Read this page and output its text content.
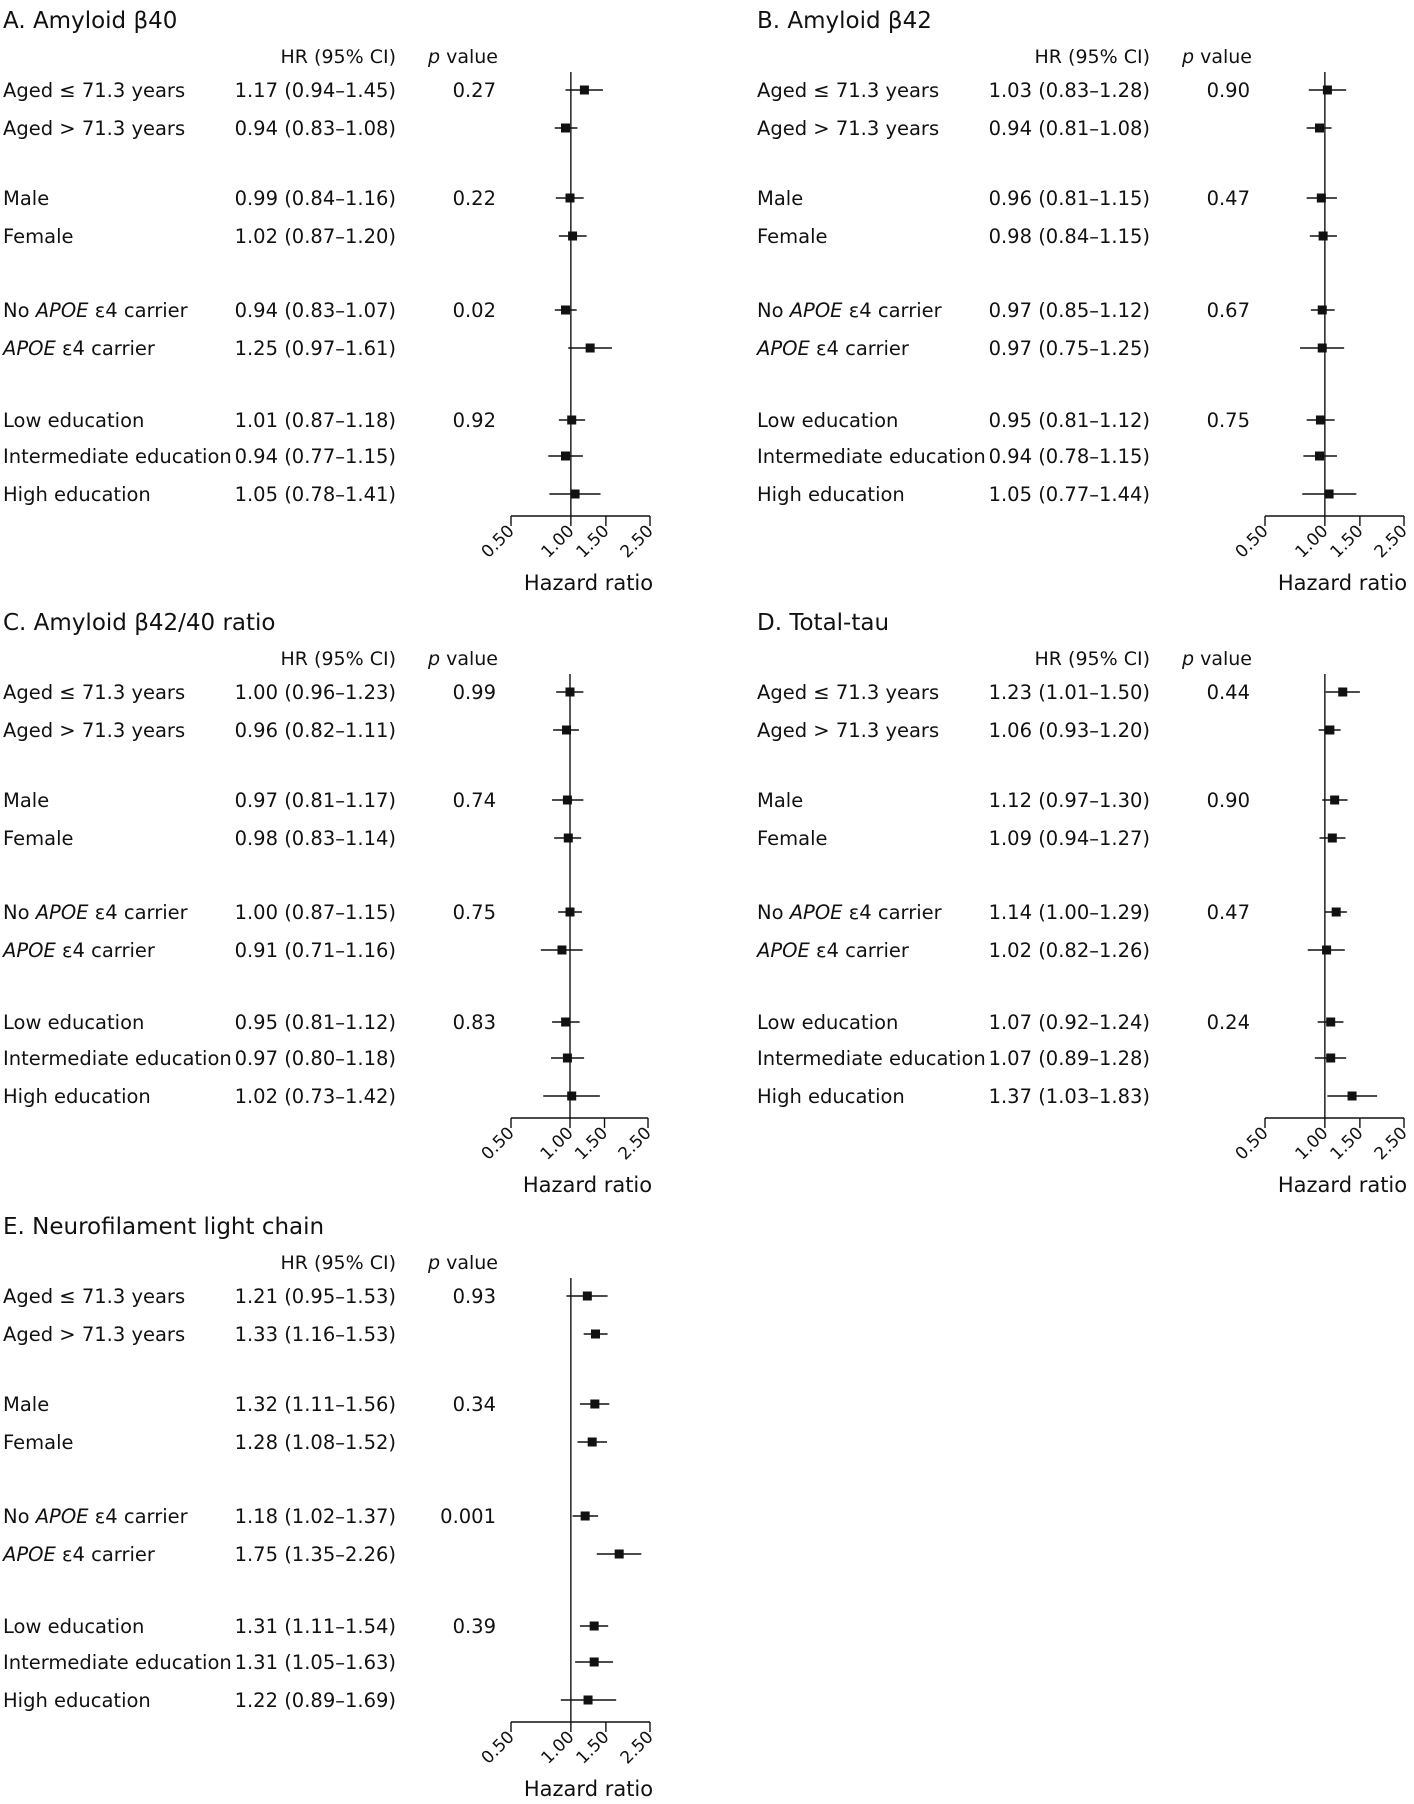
A. Amyloid β40
HR (95% CI) p value
Aged ≤ 71.3 years	1.17 (0.94–1.45)	0.27
Aged > 71.3 years	0.94 (0.83–1.08)
Male	0.99 (0.84–1.16)	0.22
Female	1.02 (0.87–1.20)
No APOE ε4 carrier 0.94 (0.83–1.07)	0.02
APOE ε4 carrier	1.25 (0.97–1.61)
Low education	1.01 (0.87–1.18)	0.92
Intermediate education 0.94 (0.77–1.15)
High education	1.05 (0.78–1.41)
0.50 1.00
1.50 2.50
Hazard ratio
B. Amyloid β42
HR (95% CI) p value
Aged ≤ 71.3 years	1.03 (0.83–1.28)	0.90
Aged > 71.3 years	0.94 (0.81–1.08)
Male	0.96 (0.81–1.15)	0.47
Female	0.98 (0.84–1.15)
No APOE ε4 carrier 0.97 (0.85–1.12)	0.67
APOE ε4 carrier	0.97 (0.75–1.25)
Low education	0.95 (0.81–1.12)	0.75
Intermediate education 0.94 (0.78–1.15)
High education	1.05 (0.77–1.44)
0.50 1.00
1.50 2.50
Hazard ratio
C. Amyloid β42/40 ratio
HR (95% CI) p value
Aged ≤ 71.3 years	1.00 (0.96–1.23)	0.99
Aged > 71.3 years	0.96 (0.82–1.11)
Male	0.97 (0.81–1.17)	0.74
Female	0.98 (0.83–1.14)
No APOE ε4 carrier 1.00 (0.87–1.15)	0.75
APOE ε4 carrier	0.91 (0.71–1.16)
Low education	0.95 (0.81–1.12)	0.83
Intermediate education 0.97 (0.80–1.18)
High education	1.02 (0.73–1.42)
0.50 1.00
1.50 2.50
Hazard ratio
D. Total-tau
HR (95% CI) p value
Aged ≤ 71.3 years	1.23 (1.01–1.50)	0.44
Aged > 71.3 years	1.06 (0.93–1.20)
Male	1.12 (0.97–1.30)	0.90
Female	1.09 (0.94–1.27)
No APOE ε4 carrier 1.14 (1.00–1.29)	0.47
APOE ε4 carrier	1.02 (0.82–1.26)
Low education	1.07 (0.92–1.24)	0.24
Intermediate education 1.07 (0.89–1.28)
High education	1.37 (1.03–1.83)
0.50 1.00
1.50 2.50
Hazard ratio
E. Neurofilament light chain
HR (95% CI) p value
Aged ≤ 71.3 years	1.21 (0.95–1.53)	0.93
Aged > 71.3 years	1.33 (1.16–1.53)
Male	1.32 (1.11–1.56)	0.34
Female	1.28 (1.08–1.52)
No APOE ε4 carrier 1.18 (1.02–1.37) 0.001
APOE ε4 carrier	1.75 (1.35–2.26)
Low education	1.31 (1.11–1.54)	0.39
Intermediate education 1.31 (1.05–1.63)
High education	1.22 (0.89–1.69)
0.50 1.00
1.50 2.50
Hazard ratio
